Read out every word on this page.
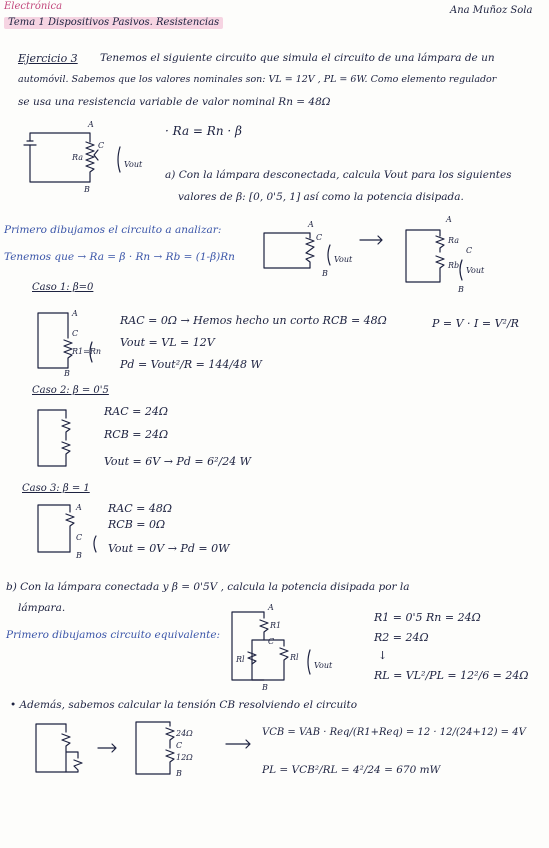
Electrónica
Tema 1 Dispositivos Pasivos. Resistencias
Ana Muñoz Sola
Ejercicio 3 Tenemos el siguiente circuito que simula el circuito de una lámpara de un
automóvil. Sabemos que los valores nominales son: VL = 12V , PL = 6W. Como elemento regulador
se usa una resistencia variable de valor nominal Rn = 48Ω
· Ra = Rn · β
a) Con la lámpara desconectada, calcula Vout para los siguientes
valores de β: [0, 0'5, 1] así como la potencia disipada.
Primero dibujamos el circuito a analizar:
Tenemos que → Ra = β · Rn → Rb = (1-β)Rn
Caso 1: β=0
RAC = 0Ω → Hemos hecho un corto RCB = 48Ω
Vout = VL = 12V
Pd = Vout²/R = 144/48 W
P = V · I = V²/R
Caso 2: β = 0'5
RAC = 24Ω
RCB = 24Ω
Vout = 6V → Pd = 6²/24 W
Caso 3: β = 1
RAC = 48Ω
RCB = 0Ω
Vout = 0V → Pd = 0W
b) Con la lámpara conectada y β = 0'5V , calcula la potencia disipada por la
lámpara.
Primero dibujamos circuito equivalente:
R1 = 0'5 Rn = 24Ω
R2 = 24Ω
↓
RL = VL²/PL = 12²/6 = 24Ω
• Además, sabemos calcular la tensión CB resolviendo el circuito
VCB = VAB · Req/(R1+Req) = 12 · 12/(24+12) = 4V
PL = VCB²/RL = 4²/24 = 670 mW
A
B
C
Ra
Vout
A
C
B
Vout
A
Ra
C
Rb
Vout
B
A
C
R1=Rn
B
A
C
B
A
R1
C
Rl	Rl
Vout
B
24Ω
C
12Ω
B
